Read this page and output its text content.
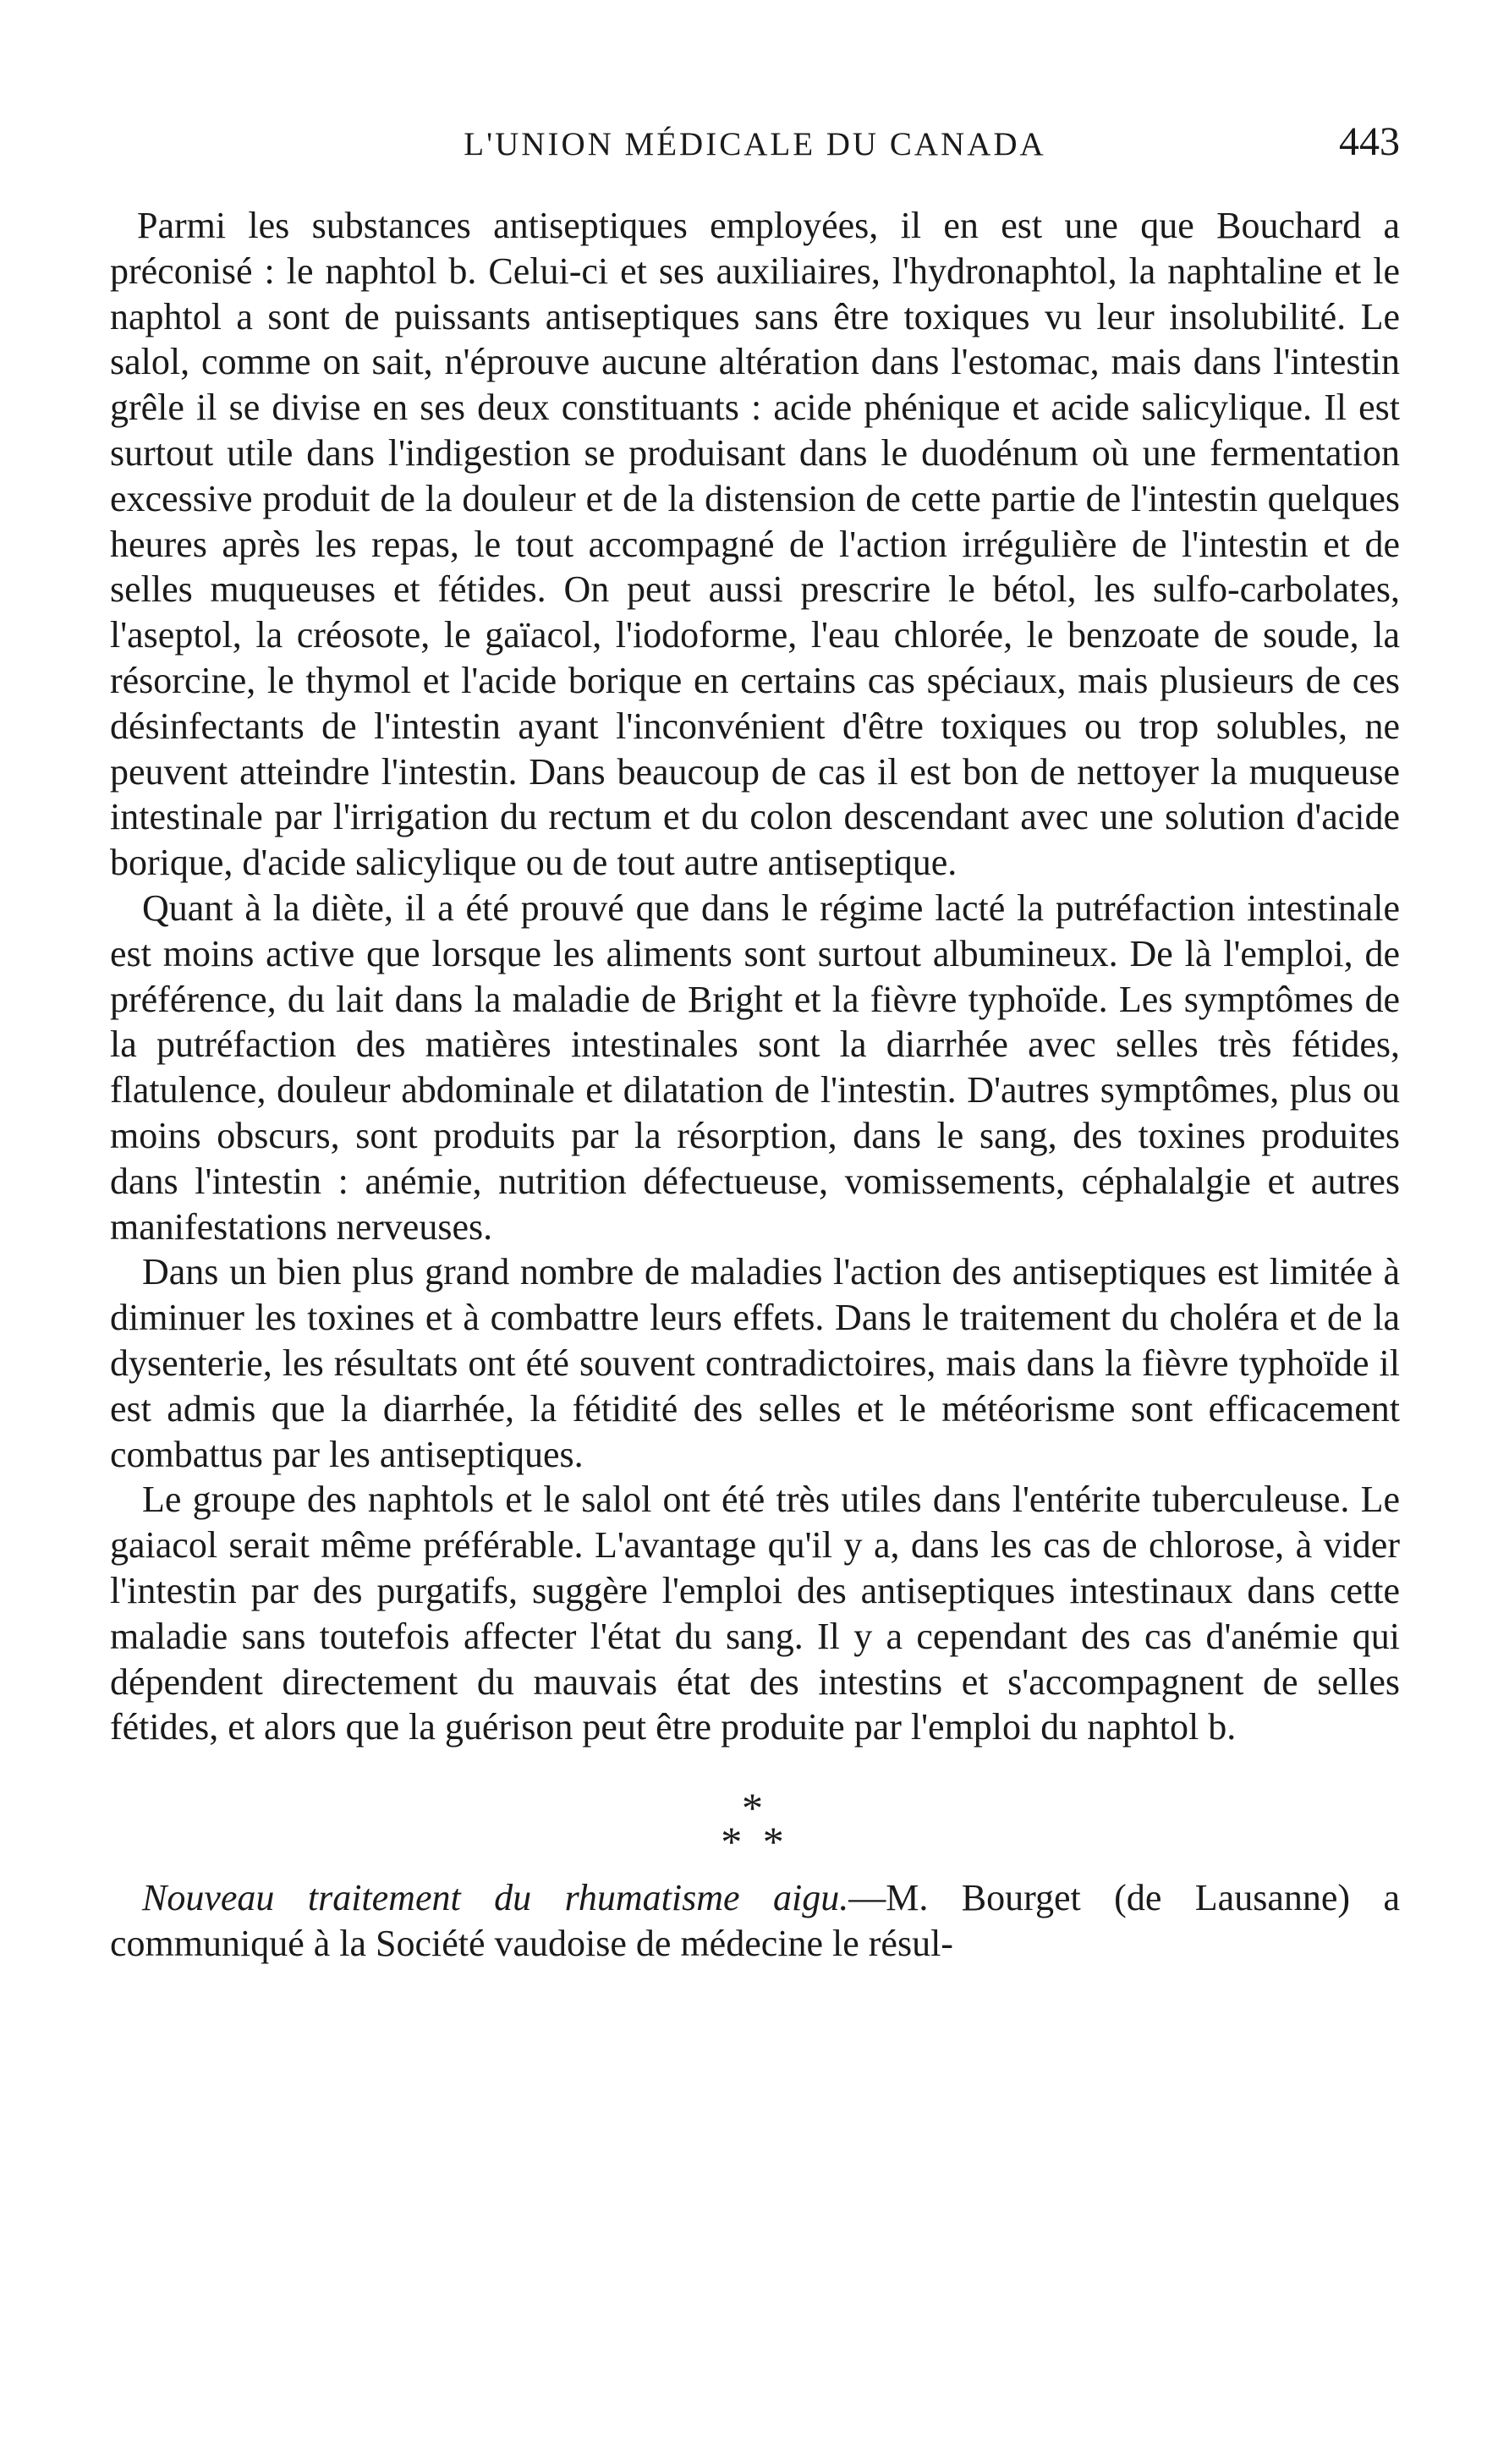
L'UNION MÉDICALE DU CANADA	443

Parmi les substances antiseptiques employées, il en est une que Bouchard a préconisé : le naphtol b. Celui-ci et ses auxiliaires, l'hydronaphtol, la naphtaline et le naphtol a sont de puissants antiseptiques sans être toxiques vu leur insolubilité. Le salol, comme on sait, n'éprouve aucune altération dans l'estomac, mais dans l'intestin grêle il se divise en ses deux constituants : acide phénique et acide salicylique. Il est surtout utile dans l'indigestion se produisant dans le duodénum où une fermentation excessive produit de la douleur et de la distension de cette partie de l'intestin quelques heures après les repas, le tout accompagné de l'action irrégulière de l'intestin et de selles muqueuses et fétides. On peut aussi prescrire le bétol, les sulfo-carbolates, l'aseptol, la créosote, le gaïacol, l'iodoforme, l'eau chlorée, le benzoate de soude, la résorcine, le thymol et l'acide borique en certains cas spéciaux, mais plusieurs de ces désinfectants de l'intestin ayant l'inconvénient d'être toxiques ou trop solubles, ne peuvent atteindre l'intestin. Dans beaucoup de cas il est bon de nettoyer la muqueuse intestinale par l'irrigation du rectum et du colon descendant avec une solution d'acide borique, d'acide salicylique ou de tout autre antiseptique.

Quant à la diète, il a été prouvé que dans le régime lacté la putréfaction intestinale est moins active que lorsque les aliments sont surtout albumineux. De là l'emploi, de préférence, du lait dans la maladie de Bright et la fièvre typhoïde. Les symptômes de la putréfaction des matières intestinales sont la diarrhée avec selles très fétides, flatulence, douleur abdominale et dilatation de l'intestin. D'autres symptômes, plus ou moins obscurs, sont produits par la résorption, dans le sang, des toxines produites dans l'intestin : anémie, nutrition défectueuse, vomissements, céphalalgie et autres manifestations nerveuses.

Dans un bien plus grand nombre de maladies l'action des antiseptiques est limitée à diminuer les toxines et à combattre leurs effets. Dans le traitement du choléra et de la dysenterie, les résultats ont été souvent contradictoires, mais dans la fièvre typhoïde il est admis que la diarrhée, la fétidité des selles et le météorisme sont efficacement combattus par les antiseptiques.

Le groupe des naphtols et le salol ont été très utiles dans l'entérite tuberculeuse. Le gaiacol serait même préférable. L'avantage qu'il y a, dans les cas de chlorose, à vider l'intestin par des purgatifs, suggère l'emploi des antiseptiques intestinaux dans cette maladie sans toutefois affecter l'état du sang. Il y a cependant des cas d'anémie qui dépendent directement du mauvais état des intestins et s'accompagnent de selles fétides, et alors que la guérison peut être produite par l'emploi du naphtol b.

*
* *

Nouveau traitement du rhumatisme aigu.—M. Bourget (de Lausanne) a communiqué à la Société vaudoise de médecine le résul-
